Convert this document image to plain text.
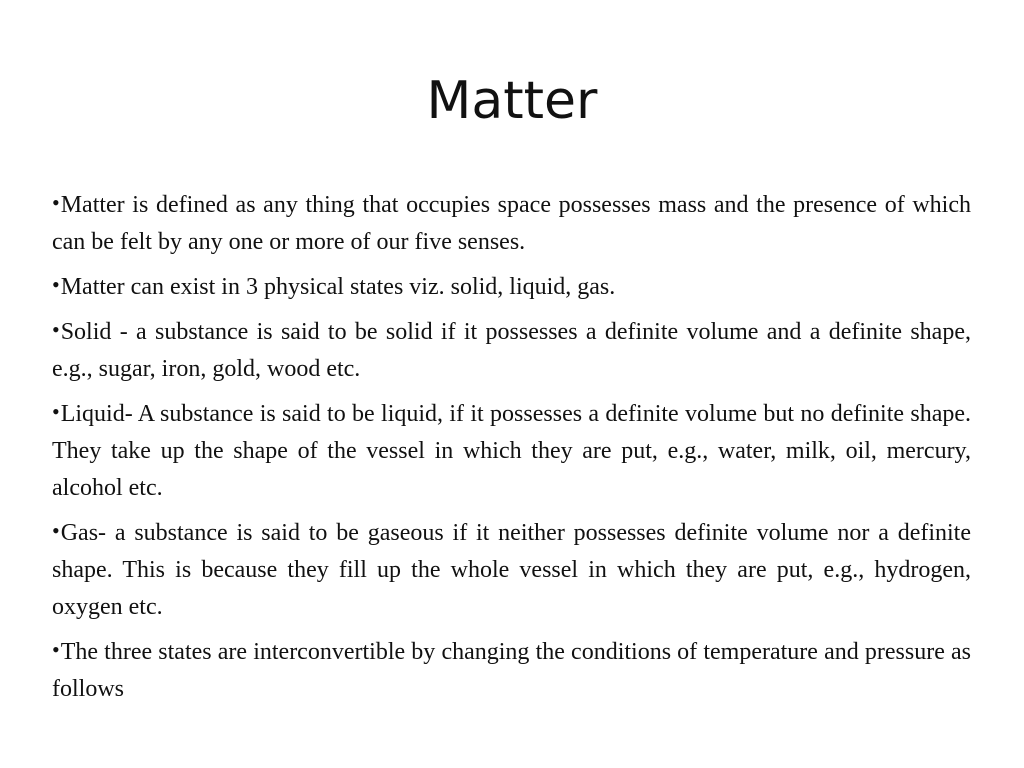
Matter
•Matter is defined as any thing that occupies space possesses mass and the presence of which can be felt by any one or more of our five senses.
•Matter can exist in 3 physical states viz. solid, liquid, gas.
•Solid - a substance is said to be solid if it possesses a definite volume and a definite shape, e.g., sugar, iron, gold, wood etc.
•Liquid- A substance is said to be liquid, if it possesses a definite volume but no definite shape. They take up the shape of the vessel in which they are put, e.g., water, milk, oil, mercury, alcohol etc.
•Gas- a substance is said to be gaseous if it neither possesses definite volume nor a definite shape. This is because they fill up the whole vessel in which they are put, e.g., hydrogen, oxygen etc.
•The three states are interconvertible by changing the conditions of temperature and pressure as follows
